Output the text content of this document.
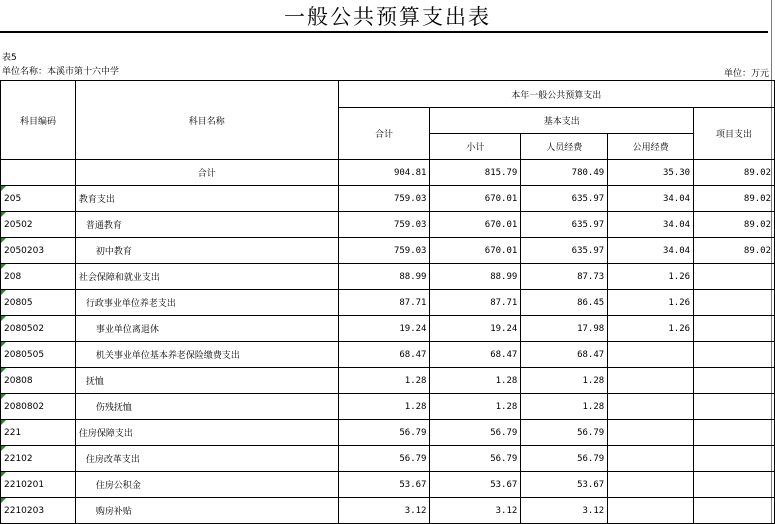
一般公共预算支出表
表5
单位名称：本溪市第十六中学	单位：万元
科目编码	科目名称	本年一般公共预算支出				
		合计	基本支出			项目支出
			小计	人员经费	公用经费	
	合计	904.81	815.79	780.49	35.30	89.02

205	教育支出	759.03	670.01	635.97	34.04	89.02

20502	普通教育	759.03	670.01	635.97	34.04	89.02

2050203	初中教育	759.03	670.01	635.97	34.04	89.02

208	社会保障和就业支出	88.99	88.99	87.73	1.26	

20805	行政事业单位养老支出	87.71	87.71	86.45	1.26	

2080502	事业单位离退休	19.24	19.24	17.98	1.26	

2080505	机关事业单位基本养老保险缴费支出	68.47	68.47	68.47		

20808	抚恤	1.28	1.28	1.28		

2080802	伤残抚恤	1.28	1.28	1.28		

221	住房保障支出	56.79	56.79	56.79		

22102	住房改革支出	56.79	56.79	56.79		

2210201	住房公积金	53.67	53.67	53.67		

2210203	购房补贴	3.12	3.12	3.12		
